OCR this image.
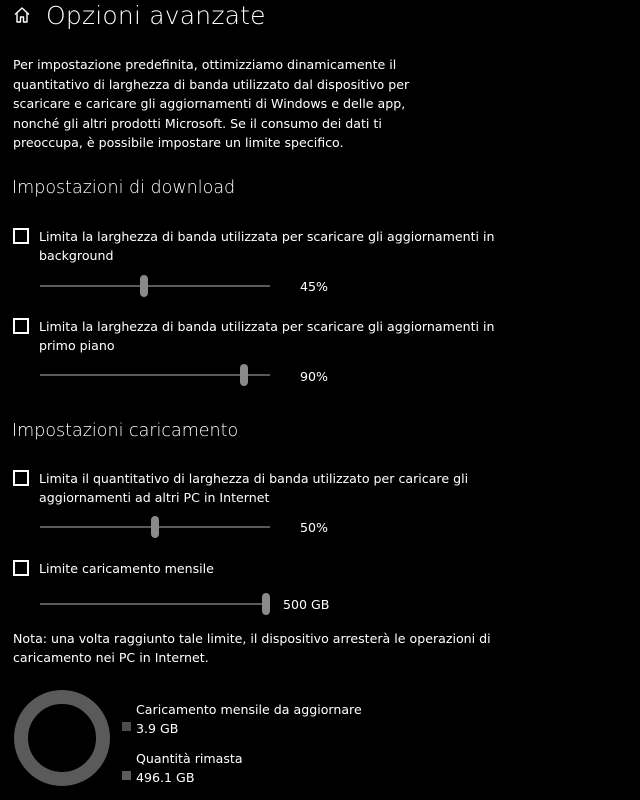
Opzioni avanzate
Per impostazione predefinita, ottimizziamo dinamicamente il quantitativo di larghezza di banda utilizzato dal dispositivo per scaricare e caricare gli aggiornamenti di Windows e delle app, nonché gli altri prodotti Microsoft. Se il consumo dei dati ti preoccupa, è possibile impostare un limite specifico.
Impostazioni di download
Limita la larghezza di banda utilizzata per scaricare gli aggiornamenti in background
45%
Limita la larghezza di banda utilizzata per scaricare gli aggiornamenti in primo piano
90%
Impostazioni caricamento
Limita il quantitativo di larghezza di banda utilizzato per caricare gli aggiornamenti ad altri PC in Internet
50%
Limite caricamento mensile
500 GB
Nota: una volta raggiunto tale limite, il dispositivo arresterà le operazioni di caricamento nei PC in Internet.
Caricamento mensile da aggiornare
3.9 GB
Quantità rimasta
496.1 GB
